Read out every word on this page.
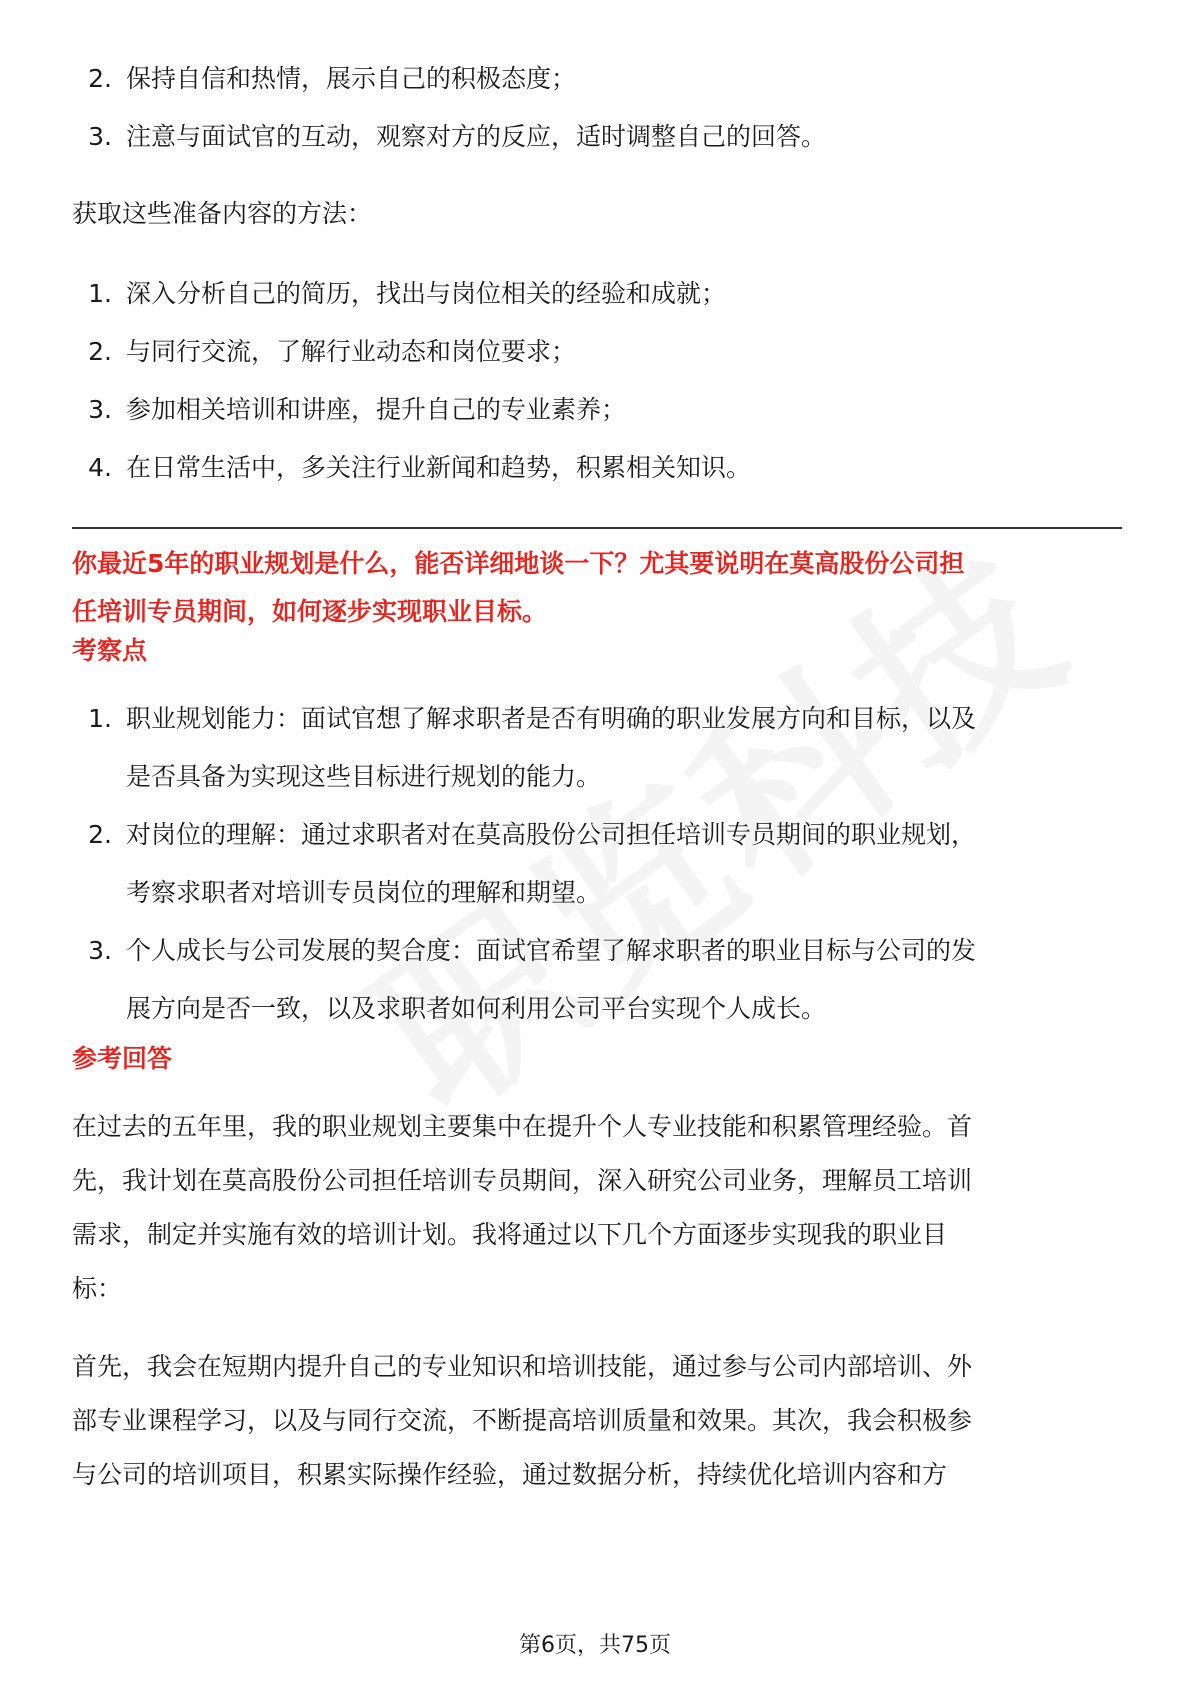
2. 保持自信和热情，展示自己的积极态度；
3. 注意与面试官的互动，观察对方的反应，适时调整自己的回答。

获取这些准备内容的方法：

1. 深入分析自己的简历，找出与岗位相关的经验和成就；
2. 与同行交流，了解行业动态和岗位要求；
3. 参加相关培训和讲座，提升自己的专业素养；
4. 在日常生活中，多关注行业新闻和趋势，积累相关知识。

你最近5年的职业规划是什么，能否详细地谈一下？尤其要说明在莫高股份公司担

任培训专员期间，如何逐步实现职业目标。

考察点

1. 职业规划能力：面试官想了解求职者是否有明确的职业发展方向和目标，以及
是否具备为实现这些目标进行规划的能力。
2. 对岗位的理解：通过求职者对在莫高股份公司担任培训专员期间的职业规划，
考察求职者对培训专员岗位的理解和期望。
3. 个人成长与公司发展的契合度：面试官希望了解求职者的职业目标与公司的发
展方向是否一致，以及求职者如何利用公司平台实现个人成长。

参考回答

在过去的五年里，我的职业规划主要集中在提升个人专业技能和积累管理经验。首

先，我计划在莫高股份公司担任培训专员期间，深入研究公司业务，理解员工培训

需求，制定并实施有效的培训计划。我将通过以下几个方面逐步实现我的职业目

标：

首先，我会在短期内提升自己的专业知识和培训技能，通过参与公司内部培训、外

部专业课程学习，以及与同行交流，不断提高培训质量和效果。其次，我会积极参

与公司的培训项目，积累实际操作经验，通过数据分析，持续优化培训内容和方

第6页，共75页
